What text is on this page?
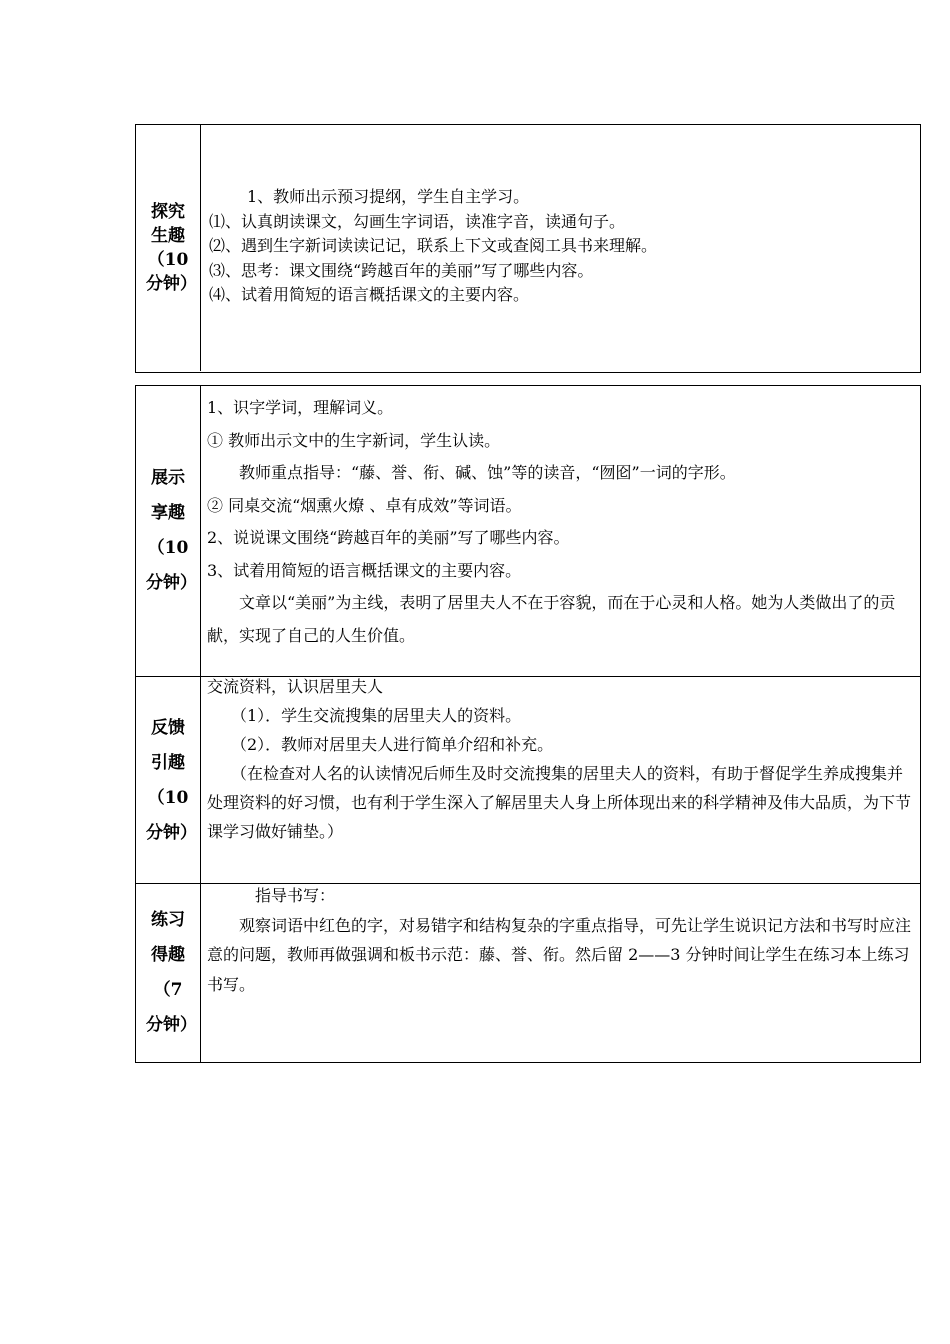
探究生趣（10分钟）

　1、教师出示预习提纲，学生自主学习。

⑴、认真朗读课文，勾画生字词语，读准字音，读通句子。

⑵、遇到生字新词读读记记，联系上下文或查阅工具书来理解。

⑶、思考：课文围绕“跨越百年的美丽”写了哪些内容。

⑷、试着用简短的语言概括课文的主要内容。

展示享趣（10分钟）

1、识字学词，理解词义。

① 教师出示文中的生字新词，学生认读。

　　教师重点指导：“藤、誉、衔、碱、蚀”等的读音，“囫囵”一词的字形。

② 同桌交流“烟熏火燎 、卓有成效”等词语。

2、说说课文围绕“跨越百年的美丽”写了哪些内容。

3、试着用简短的语言概括课文的主要内容。

　　文章以“美丽”为主线，表明了居里夫人不在于容貌，而在于心灵和人格。她为人类做出了的贡献，实现了自己的人生价值。

反馈引趣（10分钟）

交流资料，认识居里夫人

　　（1）．学生交流搜集的居里夫人的资料。

　　（2）．教师对居里夫人进行简单介绍和补充。

　　（在检查对人名的认读情况后师生及时交流搜集的居里夫人的资料，有助于督促学生养成搜集并处理资料的好习惯，也有利于学生深入了解居里夫人身上所体现出来的科学精神及伟大品质，为下节课学习做好铺垫。）

练习得趣（7分钟）

　　　指导书写：

　　观察词语中红色的字，对易错字和结构复杂的字重点指导，可先让学生说识记方法和书写时应注意的问题，教师再做强调和板书示范：藤、誉、衔。然后留 2——3 分钟时间让学生在练习本上练习书写。
